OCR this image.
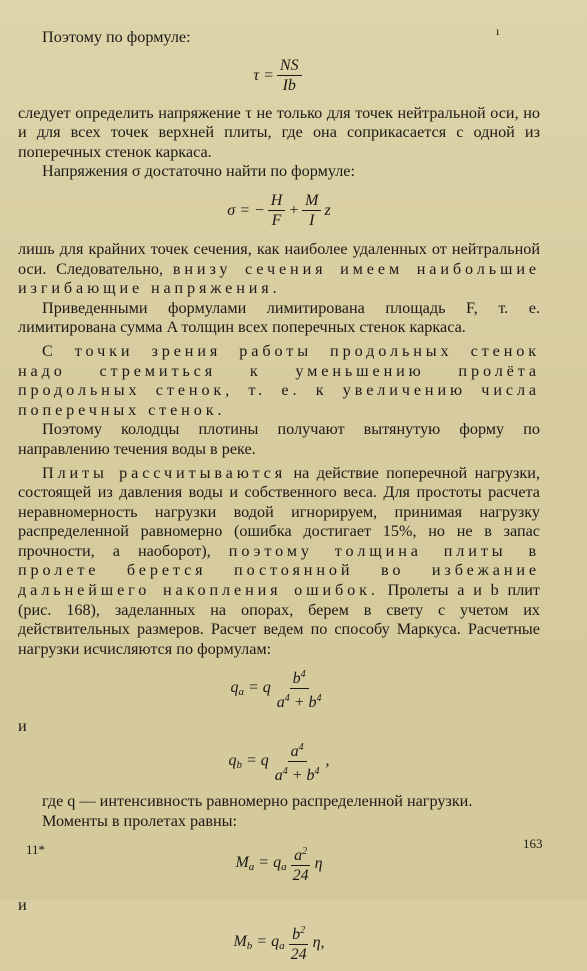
ı

Поэтому по формуле:

$\tau = \frac{NS}{Ib}$

следует определить напряжение τ не только для точек нейтральной оси, но и для всех точек верхней плиты, где она соприкасается с одной из поперечных стенок каркаса.

Напряжения σ достаточно найти по формуле:

σ = − $\frac{H}{F} + \frac{M}{I}$ z

лишь для крайних точек сечения, как наиболее удаленных от нейтральной оси. Следовательно, внизу сечения имеем наибольшие изгибающие напряжения.

Приведенными формулами лимитирована площадь F, т. е. лимитирована сумма A толщин всех поперечных стенок каркаса.

С точки зрения работы продольных стенок надо стремиться к уменьшению пролёта продольных стенок, т. е. к увеличению числа поперечных стенок.

Поэтому колодцы плотины получают вытянутую форму по направлению течения воды в реке.

Плиты рассчитываются на действие поперечной нагрузки, состоящей из давления воды и собственного веса. Для простоты расчета неравномерность нагрузки водой игнорируем, принимая нагрузку распределенной равномерно (ошибка достигает 15%, но не в запас прочности, а наоборот), поэтому толщина плиты в пролете берется постоянной во избежание дальнейшего накопления ошибок. Пролеты a и b плит (рис. 168), заделанных на опорах, берем в свету с учетом их действительных размеров. Расчет ведем по способу Маркуса. Расчетные нагрузки исчисляются по формулам:

$q_a = q \frac{b^4}{a^4 + b^4}$

и

$q_b = q \frac{a^4}{a^4 + b^4}$ ,

где q — интенсивность равномерно распределенной нагрузки.

Моменты в пролетах равны:

$M_a = q_a \frac{a^2}{24}$ η

и

$M_b = q_a \frac{b^2}{24} \eta$,
11*	163
